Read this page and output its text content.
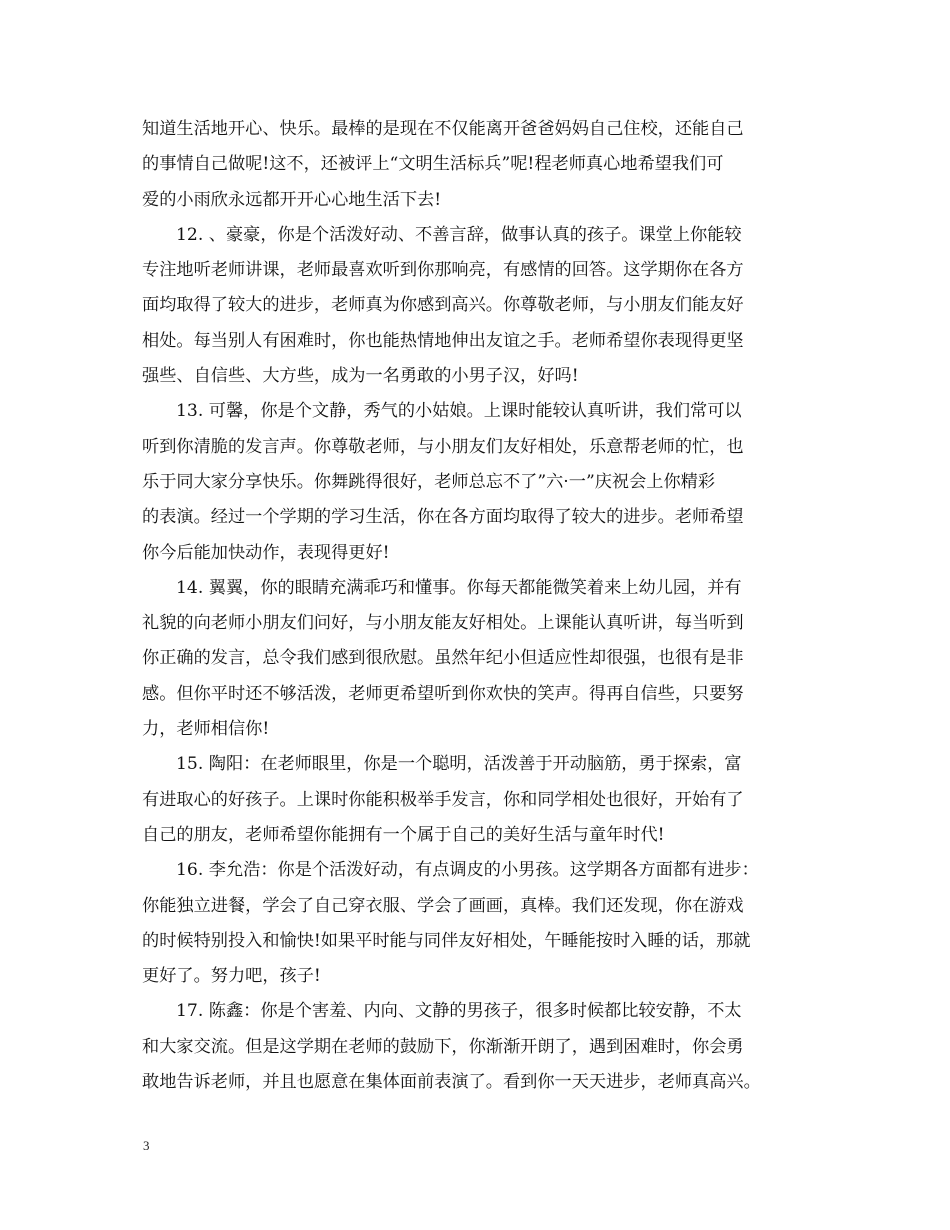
知道生活地开心、快乐。最棒的是现在不仅能离开爸爸妈妈自己住校，还能自己
的事情自己做呢!这不，还被评上“文明生活标兵”呢!程老师真心地希望我们可
爱的小雨欣永远都开开心心地生活下去!
12. 、豪豪，你是个活泼好动、不善言辞，做事认真的孩子。课堂上你能较
专注地听老师讲课，老师最喜欢听到你那响亮，有感情的回答。这学期你在各方
面均取得了较大的进步，老师真为你感到高兴。你尊敬老师，与小朋友们能友好
相处。每当别人有困难时，你也能热情地伸出友谊之手。老师希望你表现得更坚
强些、自信些、大方些，成为一名勇敢的小男子汉，好吗!
13. 可馨，你是个文静，秀气的小姑娘。上课时能较认真听讲，我们常可以
听到你清脆的发言声。你尊敬老师，与小朋友们友好相处，乐意帮老师的忙，也
乐于同大家分享快乐。你舞跳得很好，老师总忘不了”六·一”庆祝会上你精彩
的表演。经过一个学期的学习生活，你在各方面均取得了较大的进步。老师希望
你今后能加快动作，表现得更好!
14. 翼翼，你的眼睛充满乖巧和懂事。你每天都能微笑着来上幼儿园，并有
礼貌的向老师小朋友们问好，与小朋友能友好相处。上课能认真听讲，每当听到
你正确的发言，总令我们感到很欣慰。虽然年纪小但适应性却很强，也很有是非
感。但你平时还不够活泼，老师更希望听到你欢快的笑声。得再自信些，只要努
力，老师相信你!
15. 陶阳：在老师眼里，你是一个聪明，活泼善于开动脑筋，勇于探索，富
有进取心的好孩子。上课时你能积极举手发言，你和同学相处也很好，开始有了
自己的朋友，老师希望你能拥有一个属于自己的美好生活与童年时代!
16. 李允浩：你是个活泼好动，有点调皮的小男孩。这学期各方面都有进步：
你能独立进餐，学会了自己穿衣服、学会了画画，真棒。我们还发现，你在游戏
的时候特别投入和愉快!如果平时能与同伴友好相处，午睡能按时入睡的话，那就
更好了。努力吧，孩子!
17. 陈鑫：你是个害羞、内向、文静的男孩子，很多时候都比较安静，不太
和大家交流。但是这学期在老师的鼓励下，你渐渐开朗了，遇到困难时，你会勇
敢地告诉老师，并且也愿意在集体面前表演了。看到你一天天进步，老师真高兴。
3
